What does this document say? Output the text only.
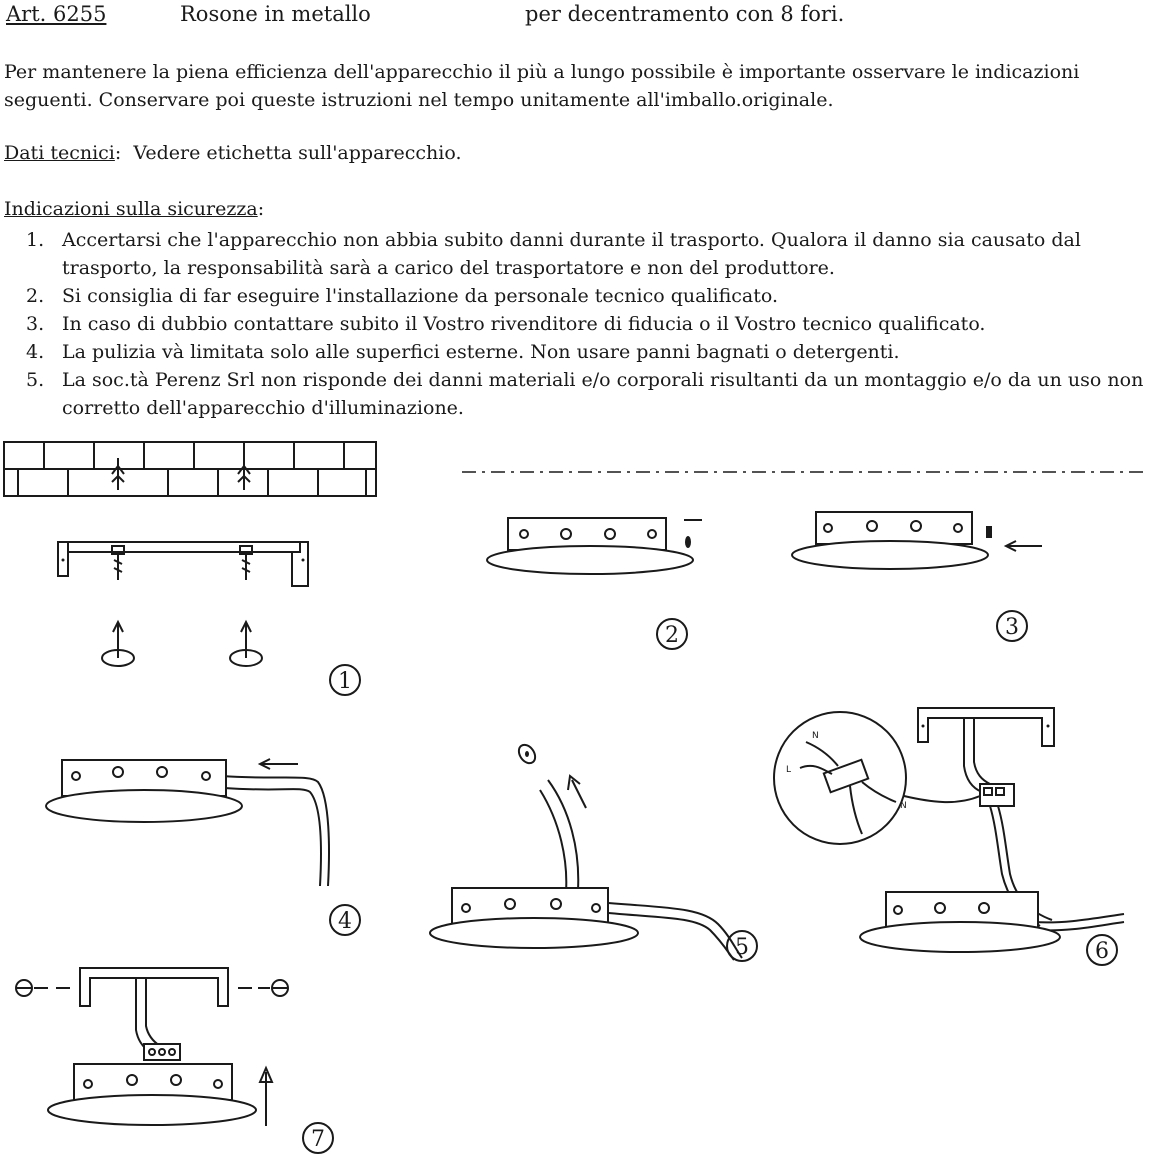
Art. 6255	Rosone in metallo	per decentramento con 8 fori.

Per mantenere la piena efficienza dell'apparecchio il più a lungo possibile è importante osservare le indicazioni seguenti. Conservare poi queste istruzioni nel tempo unitamente all'imballo.originale.

Dati tecnici:  Vedere etichetta sull'apparecchio.
Indicazioni sulla sicurezza:
1. Accertarsi che l'apparecchio non abbia subito danni durante il trasporto. Qualora il danno sia causato dal trasporto, la responsabilità sarà a carico del trasportatore e non del produttore.
2. Si consiglia di far eseguire l'installazione da personale tecnico qualificato.
3. In caso di dubbio contattare subito il Vostro rivenditore di fiducia o il Vostro tecnico qualificato.
4. La pulizia và limitata solo alle superfici esterne. Non usare panni bagnati o detergenti.
5. La soc.tà Perenz Srl non risponde dei danni materiali e/o corporali risultanti da un montaggio e/o da un uso non corretto dell'apparecchio d'illuminazione.
1
2	3
4
5
L
N
N
6
7
